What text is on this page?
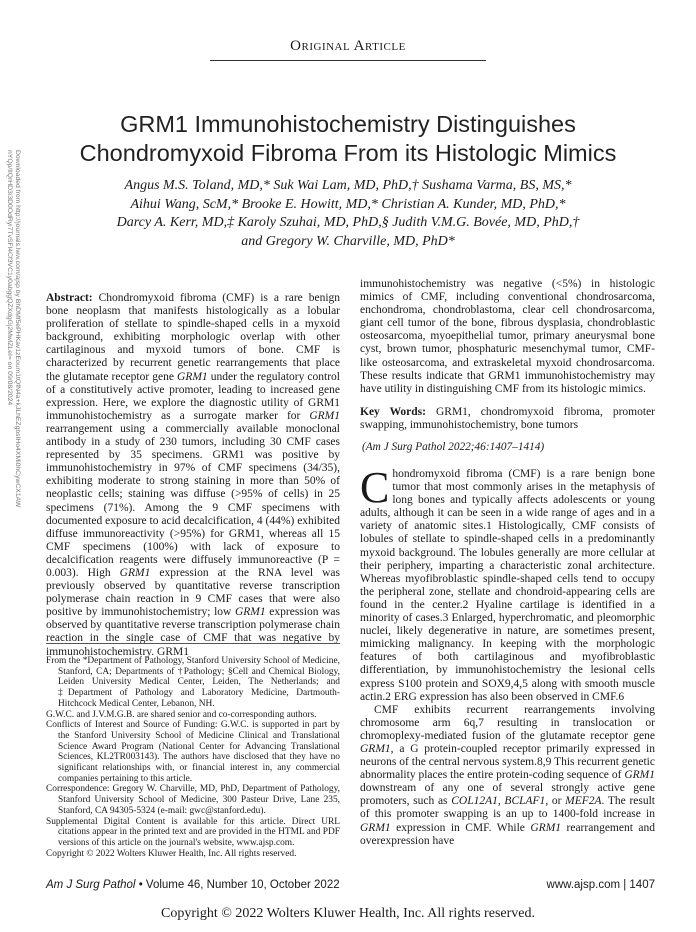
Original Article
GRM1 Immunohistochemistry Distinguishes
Chondromyxoid Fibroma From its Histologic Mimics
Angus M.S. Toland, MD,* Suk Wai Lam, MD, PhD,† Sushama Varma, BS, MS,*
Aihui Wang, ScM,* Brooke E. Howitt, MD,* Christian A. Kunder, MD, PhD,*
Darcy A. Kerr, MD,‡ Karoly Szuhai, MD, PhD,§ Judith V.M.G. Bovée, MD, PhD,†
and Gregory W. Charville, MD, PhD*
Downloaded from http://journals.lww.com/ajsp by BhDMf5ePHKav1zEoum1tQfN4a+kJLhEZgbsIHo4XMi0hCywCX1AW
nYQp/IlQrHD3i3D0OdRyi7TvSFl4Cf3VC1y0abggQZXdgGj2MwlZLeI= on 09/08/2024	Abstract: Chondromyxoid fibroma (CMF) is a rare benign bone neoplasm that manifests histologically as a lobular proliferation of stellate to spindle-shaped cells in a myxoid background, exhibiting morphologic overlap with other cartilaginous and myxoid tumors of bone. CMF is characterized by recurrent genetic rearrangements that place the glutamate receptor gene GRM1 under the regulatory control of a constitutively active promoter, leading to increased gene expression. Here, we explore the diagnostic utility of GRM1 immunohistochemistry as a surrogate marker for GRM1 rearrangement using a commercially available monoclonal antibody in a study of 230 tumors, including 30 CMF cases represented by 35 specimens. GRM1 was positive by immunohistochemistry in 97% of CMF specimens (34/35), exhibiting moderate to strong staining in more than 50% of neoplastic cells; staining was diffuse (>95% of cells) in 25 specimens (71%). Among the 9 CMF specimens with documented exposure to acid decalcification, 4 (44%) exhibited diffuse immunoreactivity (>95%) for GRM1, whereas all 15 CMF specimens (100%) with lack of exposure to decalcification reagents were diffusely immunoreactive (P = 0.003). High GRM1 expression at the RNA level was previously observed by quantitative reverse transcription polymerase chain reaction in 9 CMF cases that were also positive by immunohistochemistry; low GRM1 expression was observed by quantitative reverse transcription polymerase chain reaction in the single case of CMF that was negative by immunohistochemistry. GRM1

immunohistochemistry was negative (<5%) in histologic mimics of CMF, including conventional chondrosarcoma, enchondroma, chondroblastoma, clear cell chondrosarcoma, giant cell tumor of the bone, fibrous dysplasia, chondroblastic osteosarcoma, myoepithelial tumor, primary aneurysmal bone cyst, brown tumor, phosphaturic mesenchymal tumor, CMF-like osteosarcoma, and extraskeletal myxoid chondrosarcoma. These results indicate that GRM1 immunohistochemistry may have utility in distinguishing CMF from its histologic mimics.

Key Words: GRM1, chondromyxoid fibroma, promoter swapping, immunohistochemistry, bone tumors

(Am J Surg Pathol 2022;46:1407–1414)

Chondromyxoid fibroma (CMF) is a rare benign bone tumor that most commonly arises in the metaphysis of long bones and typically affects adolescents or young adults, although it can be seen in a wide range of ages and in a variety of anatomic sites.1 Histologically, CMF consists of lobules of stellate to spindle-shaped cells in a predominantly myxoid background. The lobules generally are more cellular at their periphery, imparting a characteristic zonal architecture. Whereas myofibroblastic spindle-shaped cells tend to occupy the peripheral zone, stellate and chondroid-appearing cells are found in the center.2 Hyaline cartilage is identified in a minority of cases.3 Enlarged, hyperchromatic, and pleomorphic nuclei, likely degenerative in nature, are sometimes present, mimicking malignancy. In keeping with the morphologic features of both cartilaginous and myofibroblastic differentiation, by immunohistochemistry the lesional cells express S100 protein and SOX9,4,5 along with smooth muscle actin.2 ERG expression has also been observed in CMF.6

CMF exhibits recurrent rearrangements involving chromosome arm 6q,7 resulting in translocation or chromoplexy-mediated fusion of the glutamate receptor gene GRM1, a G protein-coupled receptor primarily expressed in neurons of the central nervous system.8,9 This recurrent genetic abnormality places the entire protein-coding sequence of GRM1 downstream of any one of several strongly active gene promoters, such as COL12A1, BCLAF1, or MEF2A. The result of this promoter swapping is an up to 1400-fold increase in GRM1 expression in CMF. While GRM1 rearrangement and overexpression have

From the *Department of Pathology, Stanford University School of Medicine, Stanford, CA; Departments of †Pathology; §Cell and Chemical Biology, Leiden University Medical Center, Leiden, The Netherlands; and ‡Department of Pathology and Laboratory Medicine, Dartmouth-Hitchcock Medical Center, Lebanon, NH.

G.W.C. and J.V.M.G.B. are shared senior and co-corresponding authors.

Conflicts of Interest and Source of Funding: G.W.C. is supported in part by the Stanford University School of Medicine Clinical and Translational Science Award Program (National Center for Advancing Translational Sciences, KL2TR003143). The authors have disclosed that they have no significant relationships with, or financial interest in, any commercial companies pertaining to this article.

Correspondence: Gregory W. Charville, MD, PhD, Department of Pathology, Stanford University School of Medicine, 300 Pasteur Drive, Lane 235, Stanford, CA 94305-5324 (e-mail: gwc@stanford.edu).

Supplemental Digital Content is available for this article. Direct URL citations appear in the printed text and are provided in the HTML and PDF versions of this article on the journal's website, www.ajsp.com.

Copyright © 2022 Wolters Kluwer Health, Inc. All rights reserved.

Am J Surg Pathol • Volume 46, Number 10, October 2022	www.ajsp.com | 1407
Copyright © 2022 Wolters Kluwer Health, Inc. All rights reserved.
